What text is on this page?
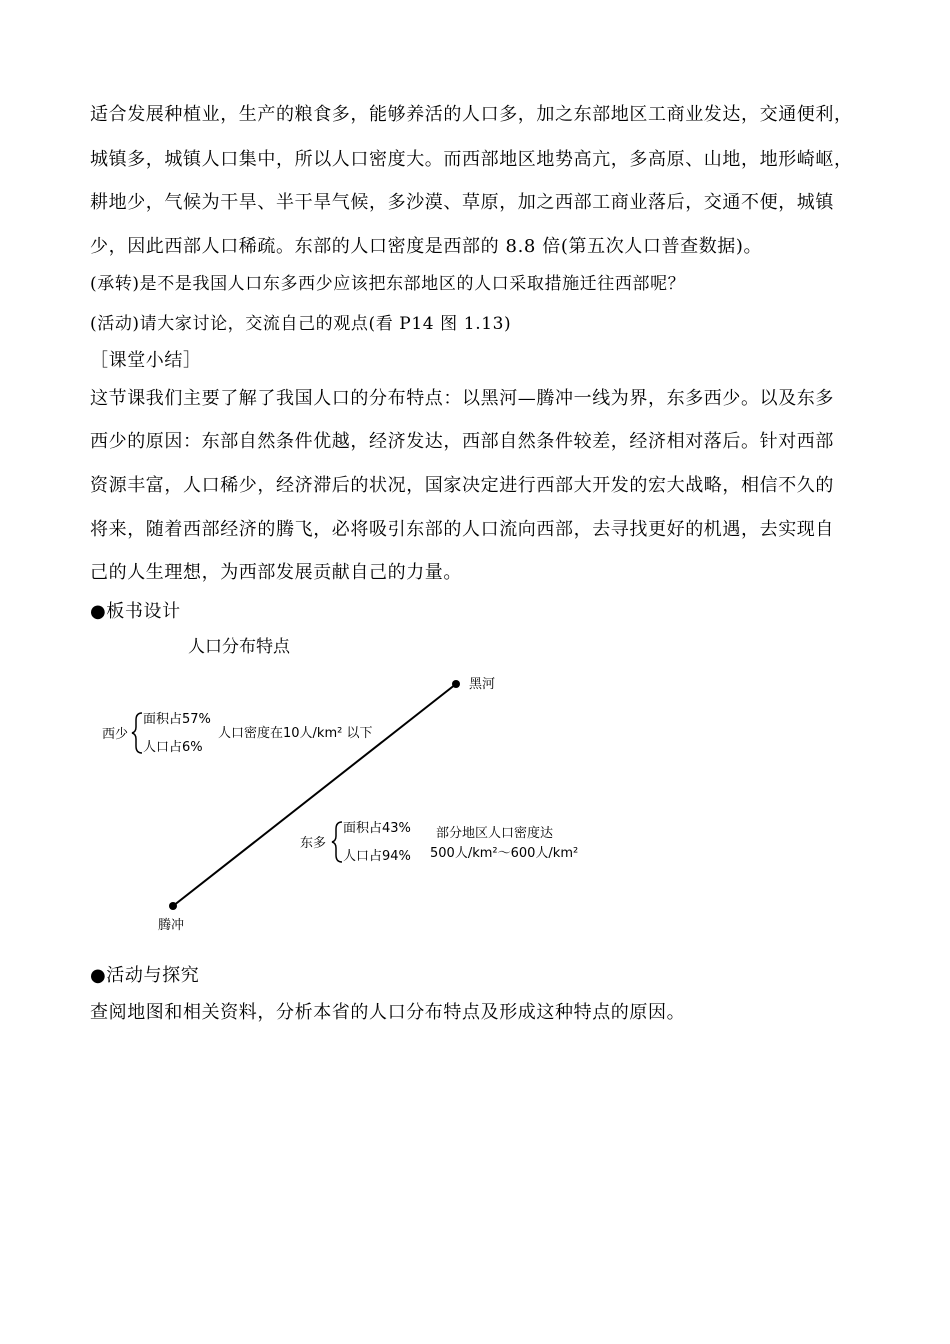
适合发展种植业，生产的粮食多，能够养活的人口多，加之东部地区工商业发达，交通便利，
城镇多，城镇人口集中，所以人口密度大。而西部地区地势高亢，多高原、山地，地形崎岖，
耕地少，气候为干旱、半干旱气候，多沙漠、草原，加之西部工商业落后，交通不便，城镇
少，因此西部人口稀疏。东部的人口密度是西部的 8.8 倍(第五次人口普查数据)。
(承转)是不是我国人口东多西少应该把东部地区的人口采取措施迁往西部呢？
(活动)请大家讨论，交流自己的观点(看 P14 图 1.13)
［课堂小结］
这节课我们主要了解了我国人口的分布特点：以黑河—腾冲一线为界，东多西少。以及东多
西少的原因：东部自然条件优越，经济发达，西部自然条件较差，经济相对落后。针对西部
资源丰富，人口稀少，经济滞后的状况，国家决定进行西部大开发的宏大战略，相信不久的
将来，随着西部经济的腾飞，必将吸引东部的人口流向西部，去寻找更好的机遇，去实现自
己的人生理想，为西部发展贡献自己的力量。
●板书设计
人口分布特点
黑河
腾冲
西少
面积占57%
人口占6%
人口密度在10人/km² 以下
东多
面积占43%
人口占94%
部分地区人口密度达
500人/km²～600人/km²
●活动与探究
查阅地图和相关资料，分析本省的人口分布特点及形成这种特点的原因。
